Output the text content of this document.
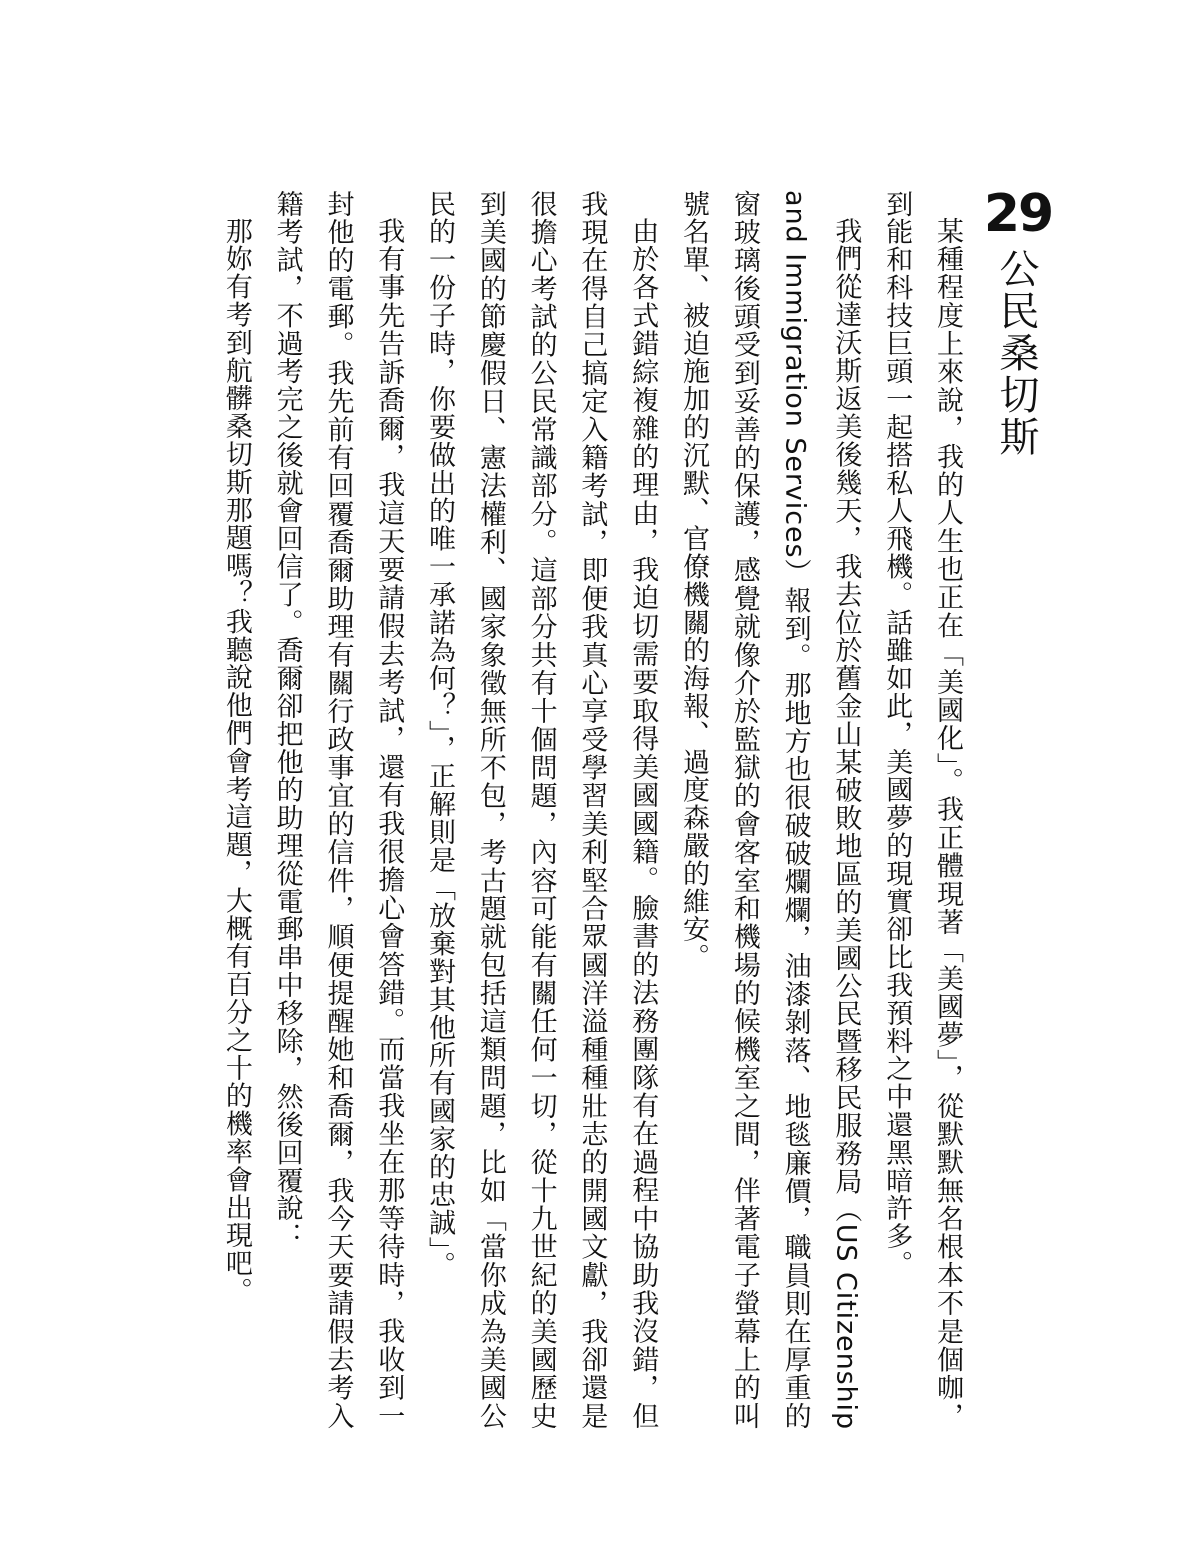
29
公民桑切斯

某種程度上來說，我的人生也正在「美國化」。我正體現著「美國夢」，從默默無名根本不是個咖，到能和科技巨頭一起搭私人飛機。話雖如此，美國夢的現實卻比我預料之中還黑暗許多。

我們從達沃斯返美後幾天，我去位於舊金山某破敗地區的美國公民暨移民服務局（US Citizenship and Immigration Services）報到。那地方也很破破爛爛，油漆剝落、地毯廉價，職員則在厚重的窗玻璃後頭受到妥善的保護，感覺就像介於監獄的會客室和機場的候機室之間，伴著電子螢幕上的叫號名單、被迫施加的沉默、官僚機關的海報、過度森嚴的維安。

由於各式錯綜複雜的理由，我迫切需要取得美國國籍。臉書的法務團隊有在過程中協助我沒錯，但我現在得自己搞定入籍考試，即便我真心享受學習美利堅合眾國洋溢種種壯志的開國文獻，我卻還是很擔心考試的公民常識部分。這部分共有十個問題，內容可能有關任何一切，從十九世紀的美國歷史到美國的節慶假日、憲法權利、國家象徵無所不包，考古題就包括這類問題，比如「當你成為美國公民的一份子時，你要做出的唯一承諾為何？」，正解則是「放棄對其他所有國家的忠誠」。

我有事先告訴喬爾，我這天要請假去考試，還有我很擔心會答錯。而當我坐在那等待時，我收到一封他的電郵。我先前有回覆喬爾助理有關行政事宜的信件，順便提醒她和喬爾，我今天要請假去考入籍考試，不過考完之後就會回信了。喬爾卻把他的助理從電郵串中移除，然後回覆說：

那妳有考到航髒桑切斯那題嗎？我聽說他們會考這題，大概有百分之十的機率會出現吧。
